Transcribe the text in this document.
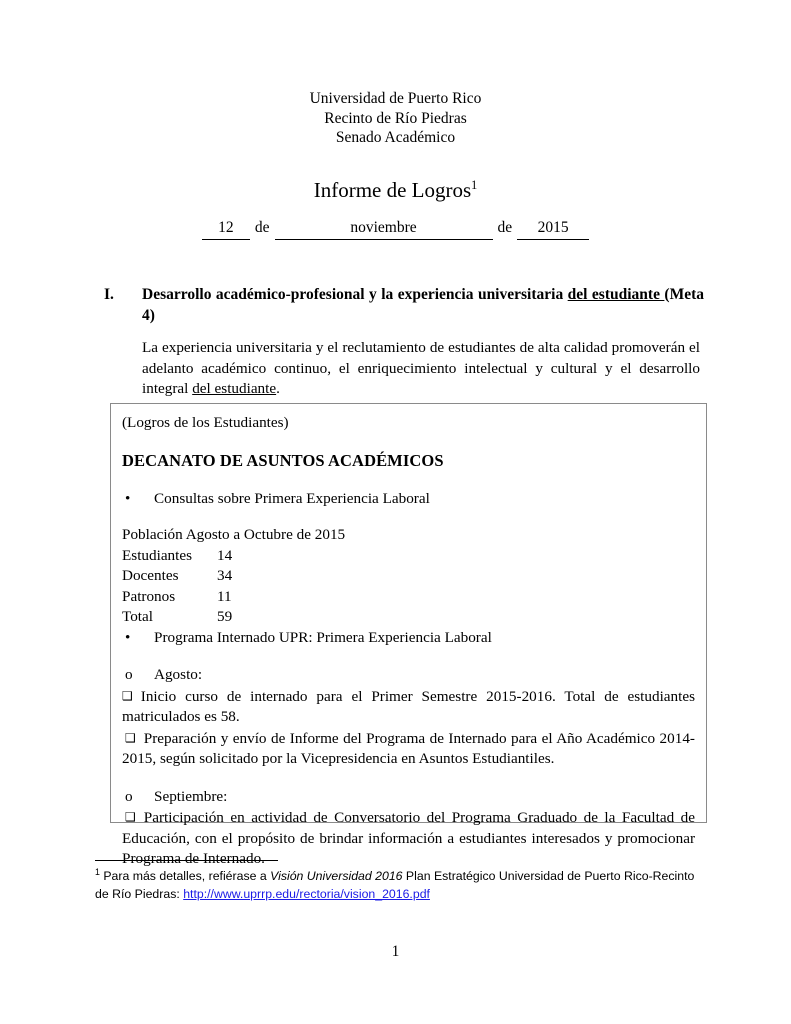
Universidad de Puerto Rico
Recinto de Río Piedras
Senado Académico
Informe de Logros$^1$
12 de	noviembre	de 2015
I. Desarrollo académico-profesional y la experiencia universitaria del estudiante (Meta 4)
La experiencia universitaria y el reclutamiento de estudiantes de alta calidad promoverán el adelanto académico continuo, el enriquecimiento intelectual y cultural y el desarrollo integral del estudiante.
(Logros de los Estudiantes)
DECANATO DE ASUNTOS ACADÉMICOS
• Consultas sobre Primera Experiencia Laboral
Población Agosto a Octubre de 2015
Estudiantes 14
Docentes	34
Patronos	11
Total	59
• Programa Internado UPR: Primera Experiencia Laboral
o Agosto:
❑ Inicio curso de internado para el Primer Semestre 2015-2016. Total de estudiantes matriculados es 58.
❑ Preparación y envío de Informe del Programa de Internado para el Año Académico 2014-2015, según solicitado por la Vicepresidencia en Asuntos Estudiantiles.
o Septiembre:
❑ Participación en actividad de Conversatorio del Programa Graduado de la Facultad de Educación, con el propósito de brindar información a estudiantes interesados y promocionar Programa de Internado.
$^1$ Para más detalles, refiérase a Visión Universidad 2016 Plan Estratégico Universidad de Puerto Rico-Recinto de Río Piedras: http://www.uprrp.edu/rectoria/vision_2016.pdf
1
